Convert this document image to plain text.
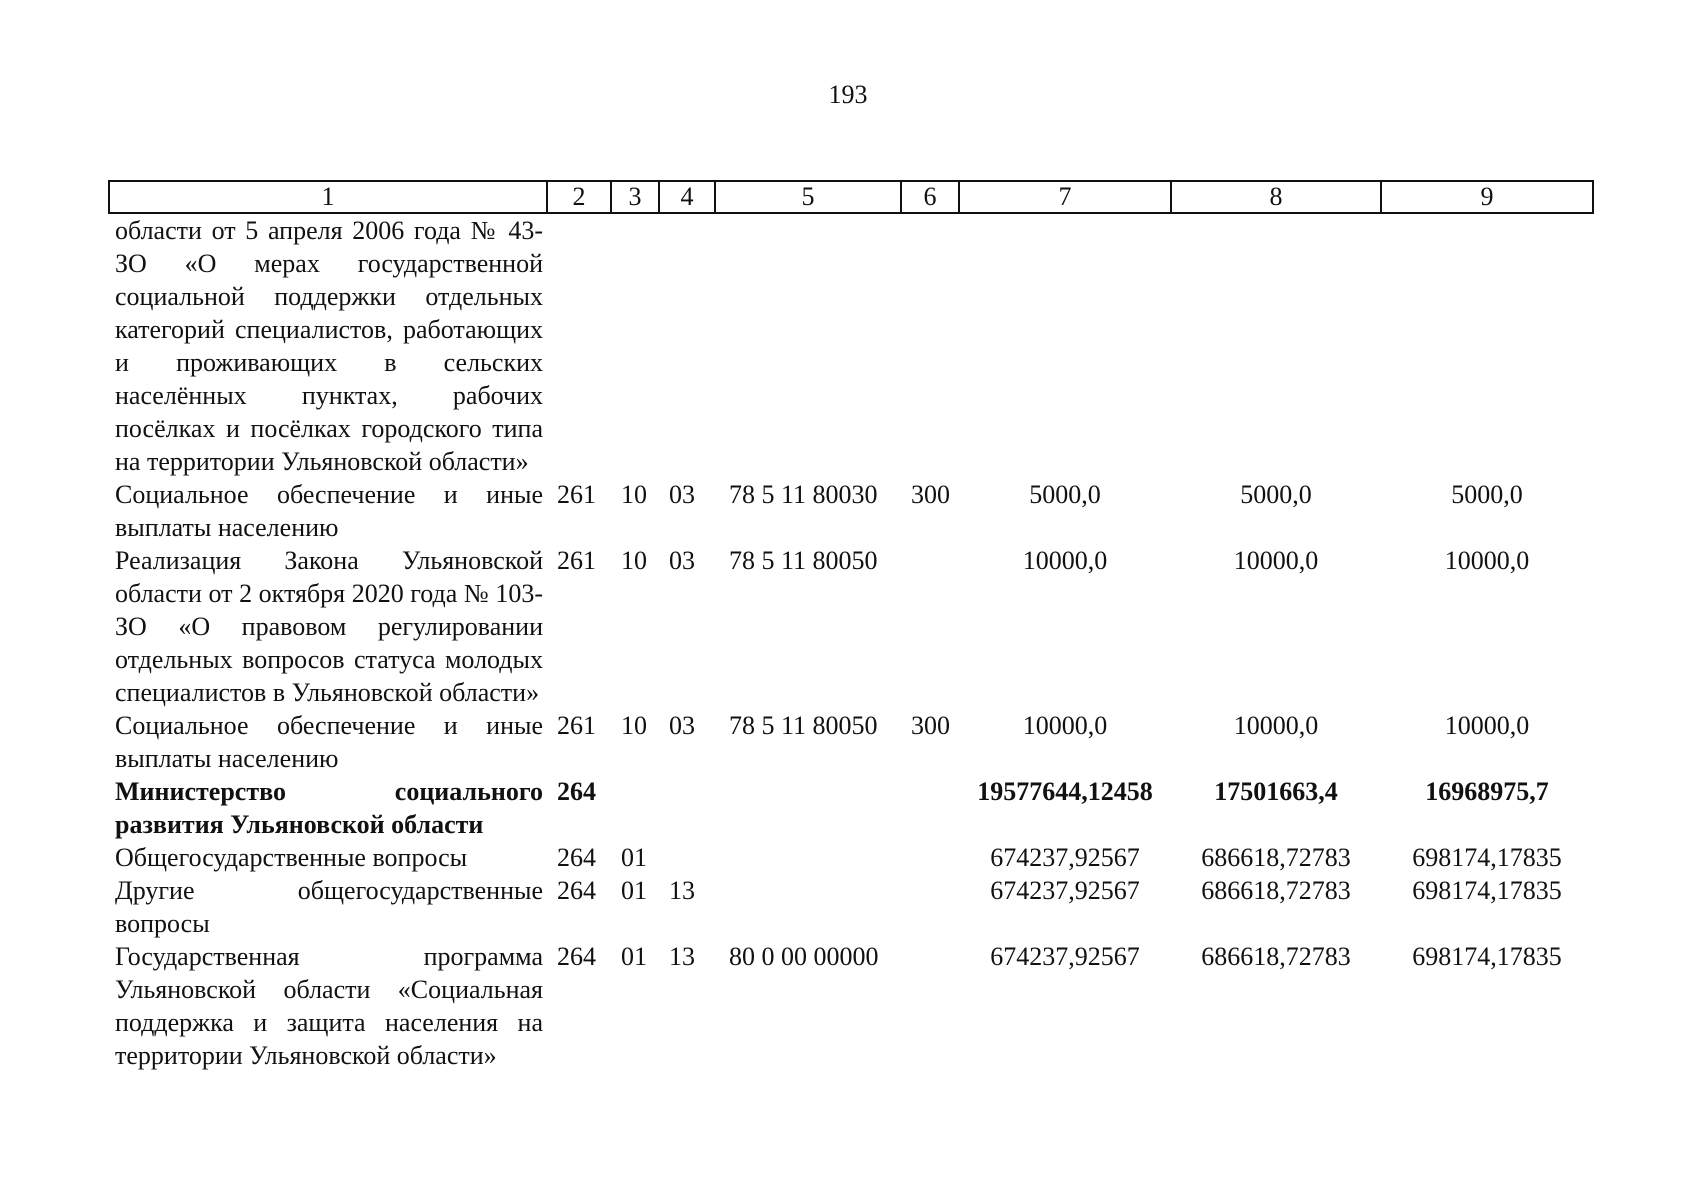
193
1	2	3	4	5	6	7	8	9
области от 5 апреля 2006 года № 43-ЗО «О мерах государственной социальной поддержки отдельных категорий специалистов, работающих и проживающих в сельских населённых пунктах, рабочих посёлках и посёлках городского типа на территории Ульяновской области»								
Социальное обеспечение и иные выплаты населению	261	10	03	78 5 11 80030	300	5000,0	5000,0	5000,0
Реализация Закона Ульяновской области от 2 октября 2020 года № 103-ЗО «О правовом регулировании отдельных вопросов статуса молодых специалистов в Ульяновской области»	261	10	03	78 5 11 80050		10000,0	10000,0	10000,0
Социальное обеспечение и иные выплаты населению	261	10	03	78 5 11 80050	300	10000,0	10000,0	10000,0
Министерство социального развития Ульяновской области	264					19577644,12458	17501663,4	16968975,7
Общегосударственные вопросы	264	01				674237,92567	686618,72783	698174,17835
Другие общегосударственные вопросы	264	01	13			674237,92567	686618,72783	698174,17835
Государственная программа Ульяновской области «Социальная поддержка и защита населения на территории Ульяновской области»	264	01	13	80 0 00 00000		674237,92567	686618,72783	698174,17835
